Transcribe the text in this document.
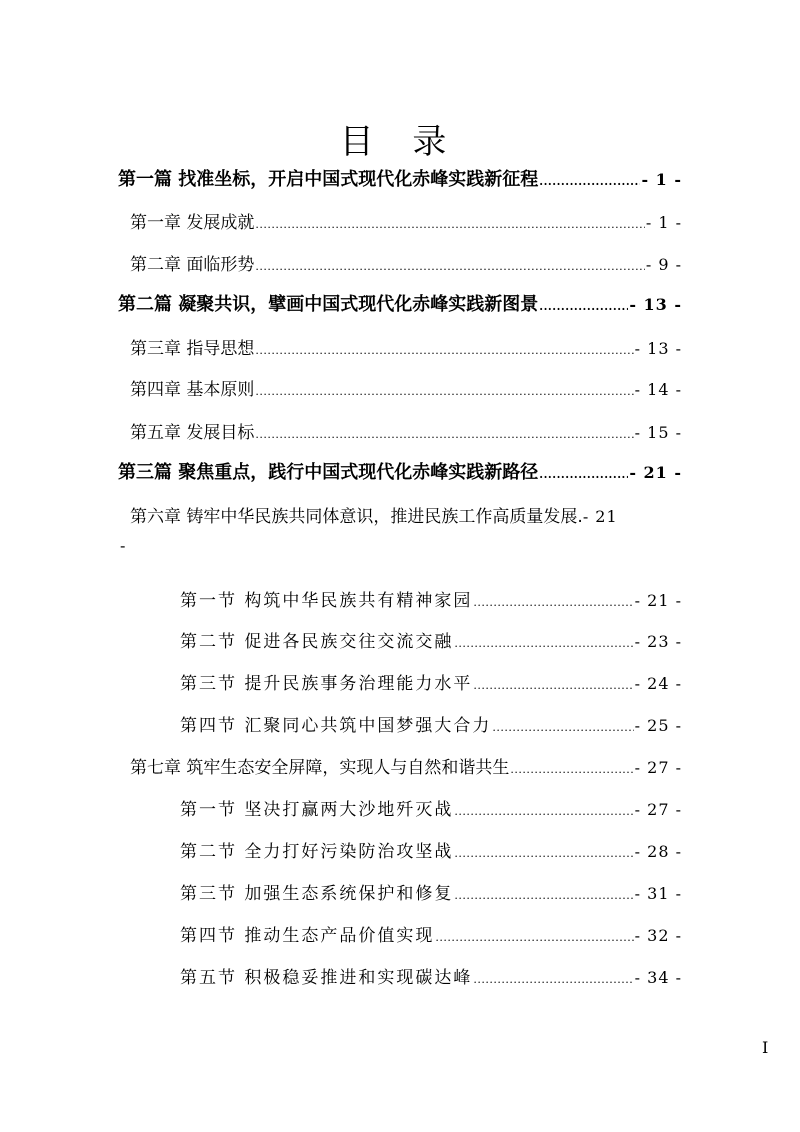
目 录
第一篇 找准坐标，开启中国式现代化赤峰实践新征程 .....	- 1 -
第一章 发展成就 .....	- 1 -
第二章 面临形势 .....	- 9 -
第二篇 凝聚共识，擘画中国式现代化赤峰实践新图景 .....	- 13 -
第三章 指导思想 .....	- 13 -
第四章 基本原则 .....	- 14 -
第五章 发展目标 .....	- 15 -
第三篇 聚焦重点，践行中国式现代化赤峰实践新路径 .....	- 21 -
第六章 铸牢中华民族共同体意识，推进民族工作高质量发展.- 21
-
第一节 构筑中华民族共有精神家园 .....	- 21 -
第二节 促进各民族交往交流交融 .....	- 23 -
第三节 提升民族事务治理能力水平 .....	- 24 -
第四节 汇聚同心共筑中国梦强大合力 .....	- 25 -
第七章 筑牢生态安全屏障，实现人与自然和谐共生 .....	- 27 -
第一节 坚决打赢两大沙地歼灭战 .....	- 27 -
第二节 全力打好污染防治攻坚战 .....	- 28 -
第三节 加强生态系统保护和修复 .....	- 31 -
第四节 推动生态产品价值实现 .....	- 32 -
第五节 积极稳妥推进和实现碳达峰 .....	- 34 -
I
